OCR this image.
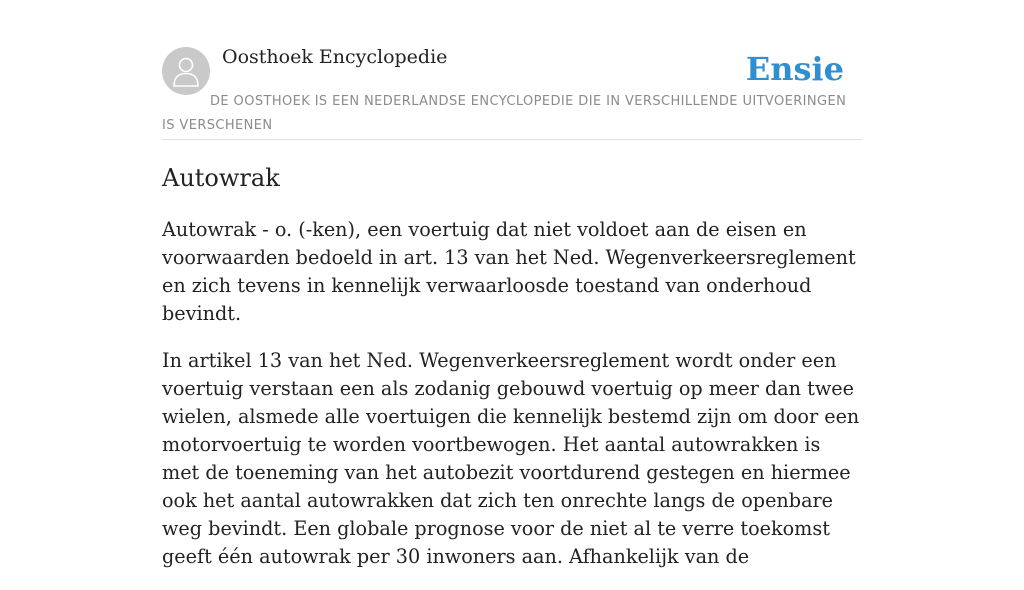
Oosthoek Encyclopedie	Ensie
DE OOSTHOEK IS EEN NEDERLANDSE ENCYCLOPEDIE DIE IN VERSCHILLENDE UITVOERINGEN IS VERSCHENEN
Autowrak

Autowrak - o. (-ken), een voertuig dat niet voldoet aan de eisen en voorwaarden bedoeld in art. 13 van het Ned. Wegenverkeersreglement en zich tevens in kennelijk verwaarloosde toestand van onderhoud bevindt.

In artikel 13 van het Ned. Wegenverkeersreglement wordt onder een voertuig verstaan een als zodanig gebouwd voertuig op meer dan twee wielen, alsmede alle voertuigen die kennelijk bestemd zijn om door een motorvoertuig te worden voortbewogen. Het aantal autowrakken is met de toeneming van het autobezit voortdurend gestegen en hiermee ook het aantal autowrakken dat zich ten onrechte langs de openbare weg bevindt. Een globale prognose voor de niet al te verre toekomst geeft één autowrak per 30 inwoners aan. Afhankelijk van de
